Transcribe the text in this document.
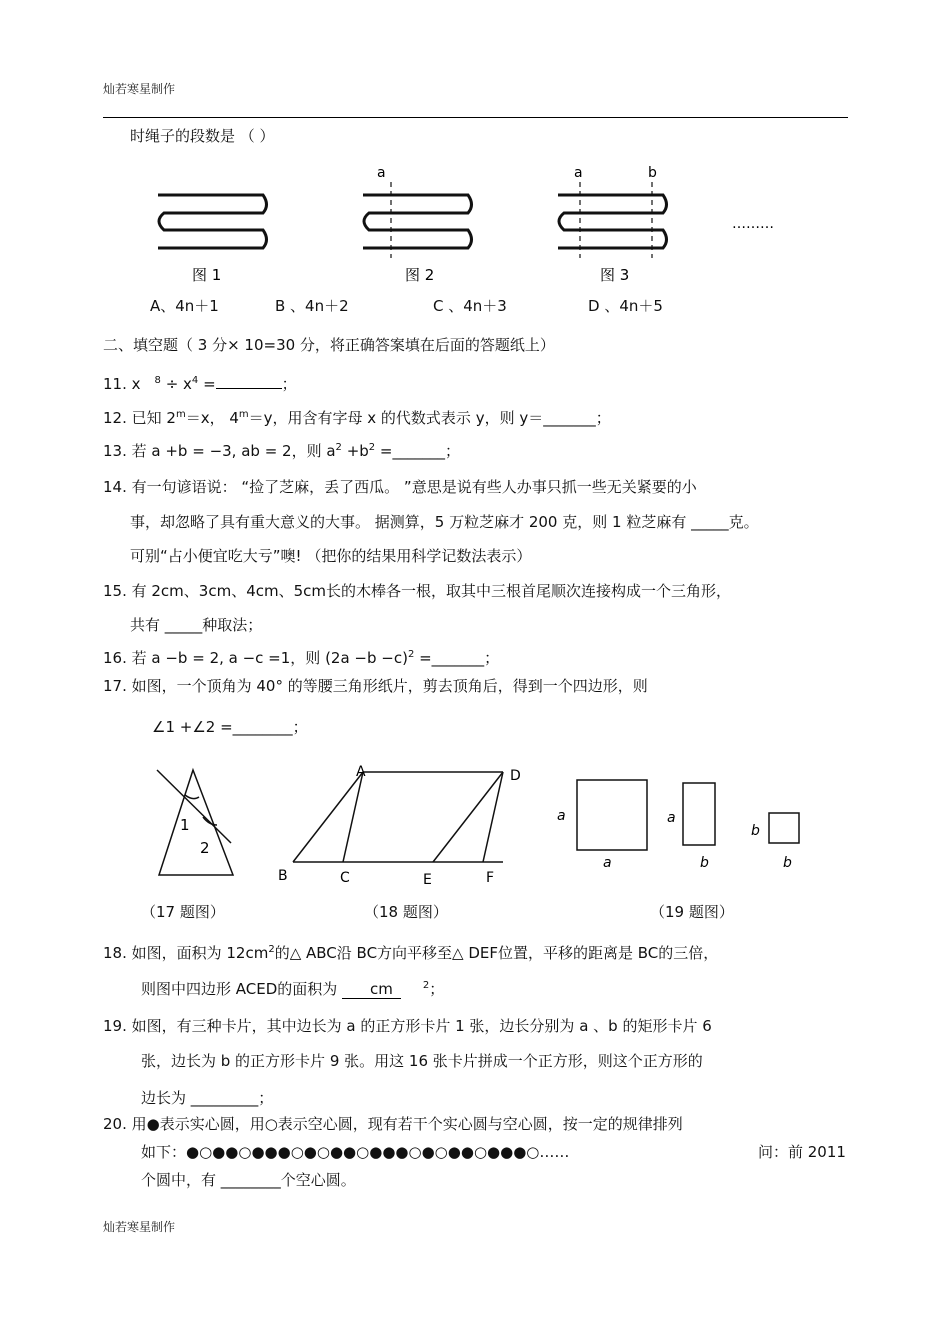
灿若寒星制作
时绳子的段数是 （ ）
a	a	b
………
图 1	图 2	图 3
A、4n＋1	B 、4n＋2	C 、4n＋3	D 、4n＋5
二、填空题（ 3 分× 10=30 分，将正确答案填在后面的答题纸上）
11. x $^8 \div x^4$ =	；
12. 已知 $2^m=x$， $4^m=y$，用含有字母 x 的代数式表示 y，则 y＝_______；
13. 若 a +b = −3, ab = 2，则 $a^2 +b^2$ =_______；
14. 有一句谚语说： “捡了芝麻，丢了西瓜。 ”意思是说有些人办事只抓一些无关紧要的小
事，却忽略了具有重大意义的大事。 据测算，5 万粒芝麻才 200 克，则 1 粒芝麻有 _____克。
可别“占小便宜吃大亏”噢! （把你的结果用科学记数法表示）
15. 有 2cm、3cm、4cm、5cm长的木棒各一根，取其中三根首尾顺次连接构成一个三角形，
共有 _____种取法；
16. 若 a −b = 2, a −c =1，则 $(2a -b -c)^2$ =_______；
17. 如图，一个顶角为 40° 的等腰三角形纸片，剪去顶角后，得到一个四边形，则
∠1 +∠2 =________；
1
2
A	D
B	C	E	F
a
a
a
b
b
b
（17 题图）	（18 题图）	（19 题图）
18. 如图，面积为 $12cm^2$的△ ABC沿 BC方向平移至△ DEF位置，平移的距离是 BC的三倍，
则图中四边形 ACED的面积为 cm	$^2$；
19. 如图，有三种卡片，其中边长为 a 的正方形卡片 1 张，边长分别为 a 、b 的矩形卡片 6
张，边长为 b 的正方形卡片 9 张。用这 16 张卡片拼成一个正方形，则这个正方形的
边长为 _________；
20. 用●表示实心圆，用○表示空心圆，现有若干个实心圆与空心圆，按一定的规律排列
如下：●○●●○●●●○●○●●○●●●○●○●●○●●●○……	问：前 2011
个圆中，有 ________个空心圆。
灿若寒星制作
